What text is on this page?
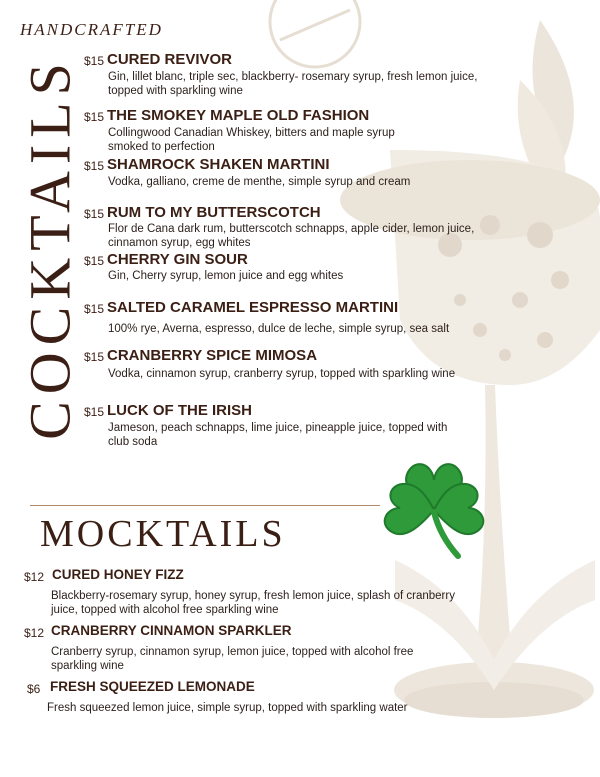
HANDCRAFTED
COCKTAILS $15 CURED REVIVOR
Gin, lillet blanc, triple sec, blackberry- rosemary syrup, fresh lemon juice, topped with sparkling wine
$15 THE SMOKEY MAPLE OLD FASHION
Collingwood Canadian Whiskey, bitters and maple syrup smoked to perfection
$15 SHAMROCK SHAKEN MARTINI
Vodka, galliano, creme de menthe, simple syrup and cream
$15 RUM TO MY BUTTERSCOTCH
Flor de Cana dark rum, butterscotch schnapps, apple cider, lemon juice, cinnamon syrup, egg whites
$15 CHERRY GIN SOUR
Gin, Cherry syrup, lemon juice and egg whites
$15 SALTED CARAMEL ESPRESSO MARTINI
100% rye, Averna, espresso, dulce de leche, simple syrup, sea salt
$15 CRANBERRY SPICE MIMOSA
Vodka, cinnamon syrup, cranberry syrup, topped with sparkling wine
$15 LUCK OF THE IRISH
Jameson, peach schnapps, lime juice, pineapple juice, topped with club soda
MOCKTAILS
$12 CURED HONEY FIZZ
Blackberry-rosemary syrup, honey syrup, fresh lemon juice, splash of cranberry juice, topped with alcohol free sparkling wine
$12 CRANBERRY CINNAMON SPARKLER
Cranberry syrup, cinnamon syrup, lemon juice, topped with alcohol free sparkling wine
$6 FRESH SQUEEZED LEMONADE
Fresh squeezed lemon juice, simple syrup, topped with sparkling water
